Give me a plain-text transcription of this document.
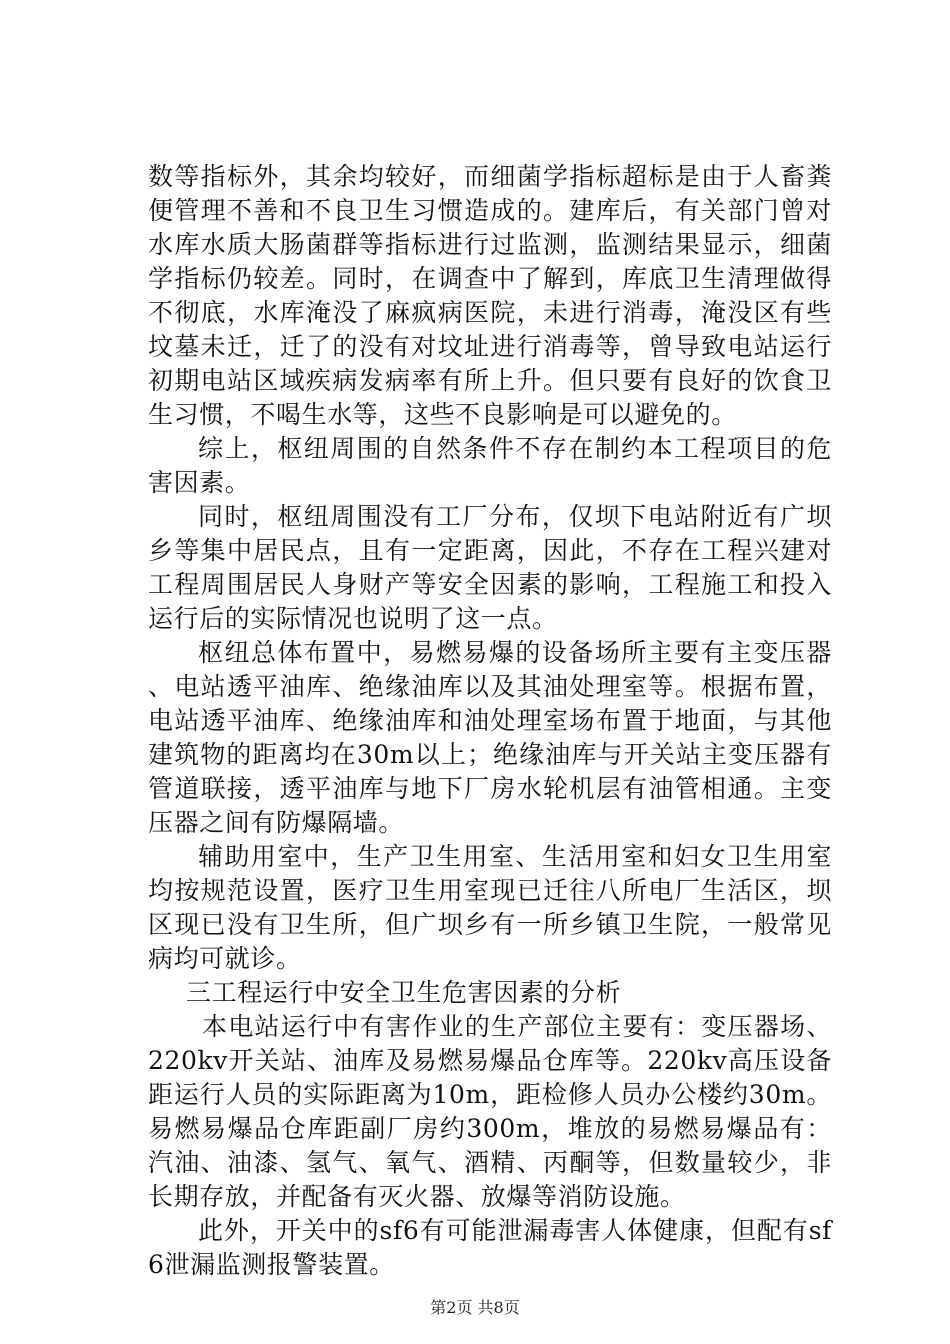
数等指标外，其余均较好，而细菌学指标超标是由于人畜粪便管理不善和不良卫生习惯造成的。建库后，有关部门曾对水库水质大肠菌群等指标进行过监测，监测结果显示，细菌学指标仍较差。同时，在调查中了解到，库底卫生清理做得不彻底，水库淹没了麻疯病医院，未进行消毒，淹没区有些坟墓未迁，迁了的没有对坟址进行消毒等，曾导致电站运行初期电站区域疾病发病率有所上升。但只要有良好的饮食卫生习惯，不喝生水等，这些不良影响是可以避免的。

综上，枢纽周围的自然条件不存在制约本工程项目的危害因素。

同时，枢纽周围没有工厂分布，仅坝下电站附近有广坝乡等集中居民点，且有一定距离，因此，不存在工程兴建对工程周围居民人身财产等安全因素的影响，工程施工和投入运行后的实际情况也说明了这一点。

枢纽总体布置中，易燃易爆的设备场所主要有主变压器、电站透平油库、绝缘油库以及其油处理室等。根据布置，电站透平油库、绝缘油库和油处理室场布置于地面，与其他建筑物的距离均在30m以上；绝缘油库与开关站主变压器有管道联接，透平油库与地下厂房水轮机层有油管相通。主变压器之间有防爆隔墙。

辅助用室中，生产卫生用室、生活用室和妇女卫生用室均按规范设置，医疗卫生用室现已迁往八所电厂生活区，坝区现已没有卫生所，但广坝乡有一所乡镇卫生院，一般常见病均可就诊。

三工程运行中安全卫生危害因素的分析

本电站运行中有害作业的生产部位主要有：变压器场、220kv开关站、油库及易燃易爆品仓库等。220kv高压设备距运行人员的实际距离为10m，距检修人员办公楼约30m。易燃易爆品仓库距副厂房约300m，堆放的易燃易爆品有：汽油、油漆、氢气、氧气、酒精、丙酮等，但数量较少，非长期存放，并配备有灭火器、放爆等消防设施。

此外，开关中的sf6有可能泄漏毒害人体健康，但配有sf6泄漏监测报警装置。

第2页 共8页
